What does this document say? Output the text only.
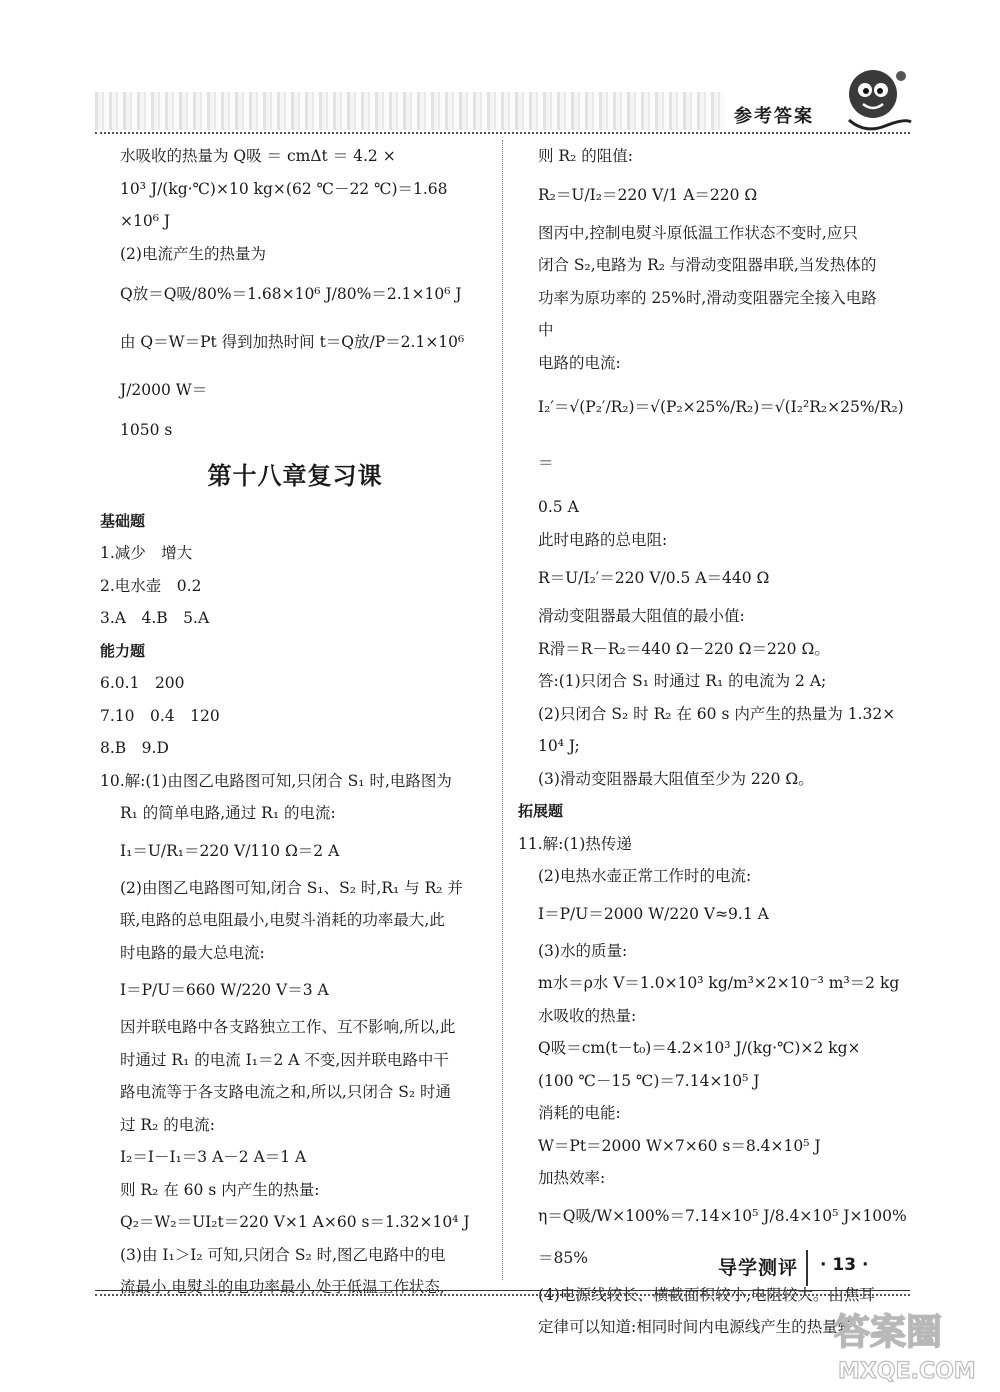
参考答案

水吸收的热量为 Q吸 ＝ cmΔt ＝ 4.2 ×

10³ J/(kg·℃)×10 kg×(62 ℃－22 ℃)＝1.68

×10⁶ J

(2)电流产生的热量为

Q放＝Q吸/80%＝1.68×10⁶ J/80%＝2.1×10⁶ J

由 Q＝W＝Pt 得到加热时间 t＝Q放/P＝2.1×10⁶ J/2000 W＝

1050 s

第十八章复习课

基础题

1.减少　增大

2.电水壶　0.2

3.A　4.B　5.A

能力题

6.0.1　200

7.10　0.4　120

8.B　9.D

10.解:(1)由图乙电路图可知,只闭合 S₁ 时,电路图为

R₁ 的简单电路,通过 R₁ 的电流:

I₁＝U/R₁＝220 V/110 Ω＝2 A

(2)由图乙电路图可知,闭合 S₁、S₂ 时,R₁ 与 R₂ 并

联,电路的总电阻最小,电熨斗消耗的功率最大,此

时电路的最大总电流:

I＝P/U＝660 W/220 V＝3 A

因并联电路中各支路独立工作、互不影响,所以,此

时通过 R₁ 的电流 I₁＝2 A 不变,因并联电路中干

路电流等于各支路电流之和,所以,只闭合 S₂ 时通

过 R₂ 的电流:

I₂＝I－I₁＝3 A－2 A＝1 A

则 R₂ 在 60 s 内产生的热量:

Q₂＝W₂＝UI₂t＝220 V×1 A×60 s＝1.32×10⁴ J

(3)由 I₁＞I₂ 可知,只闭合 S₂ 时,图乙电路中的电

流最小,电熨斗的电功率最小,处于低温工作状态,

则 R₂ 的阻值:

R₂＝U/I₂＝220 V/1 A＝220 Ω

图丙中,控制电熨斗原低温工作状态不变时,应只

闭合 S₂,电路为 R₂ 与滑动变阻器串联,当发热体的

功率为原功率的 25%时,滑动变阻器完全接入电路

中

电路的电流:

I₂′＝√(P₂′/R₂)＝√(P₂×25%/R₂)＝√(I₂²R₂×25%/R₂)＝

0.5 A

此时电路的总电阻:

R＝U/I₂′＝220 V/0.5 A＝440 Ω

滑动变阻器最大阻值的最小值:

R滑＝R－R₂＝440 Ω－220 Ω＝220 Ω。

答:(1)只闭合 S₁ 时通过 R₁ 的电流为 2 A;

(2)只闭合 S₂ 时 R₂ 在 60 s 内产生的热量为 1.32×

10⁴ J;

(3)滑动变阻器最大阻值至少为 220 Ω。

拓展题

11.解:(1)热传递

(2)电热水壶正常工作时的电流:

I＝P/U＝2000 W/220 V≈9.1 A

(3)水的质量:

m水＝ρ水 V＝1.0×10³ kg/m³×2×10⁻³ m³＝2 kg

水吸收的热量:

Q吸＝cm(t－t₀)＝4.2×10³ J/(kg·℃)×2 kg×

(100 ℃－15 ℃)＝7.14×10⁵ J

消耗的电能:

W＝Pt＝2000 W×7×60 s＝8.4×10⁵ J

加热效率:

η＝Q吸/W×100%＝7.14×10⁵ J/8.4×10⁵ J×100%＝85%

(4)电源线较长、横截面积较小,电阻较大。由焦耳

定律可以知道:相同时间内电源线产生的热量较

导学测评 · 13 ·
答案圈
MXQE.COM
